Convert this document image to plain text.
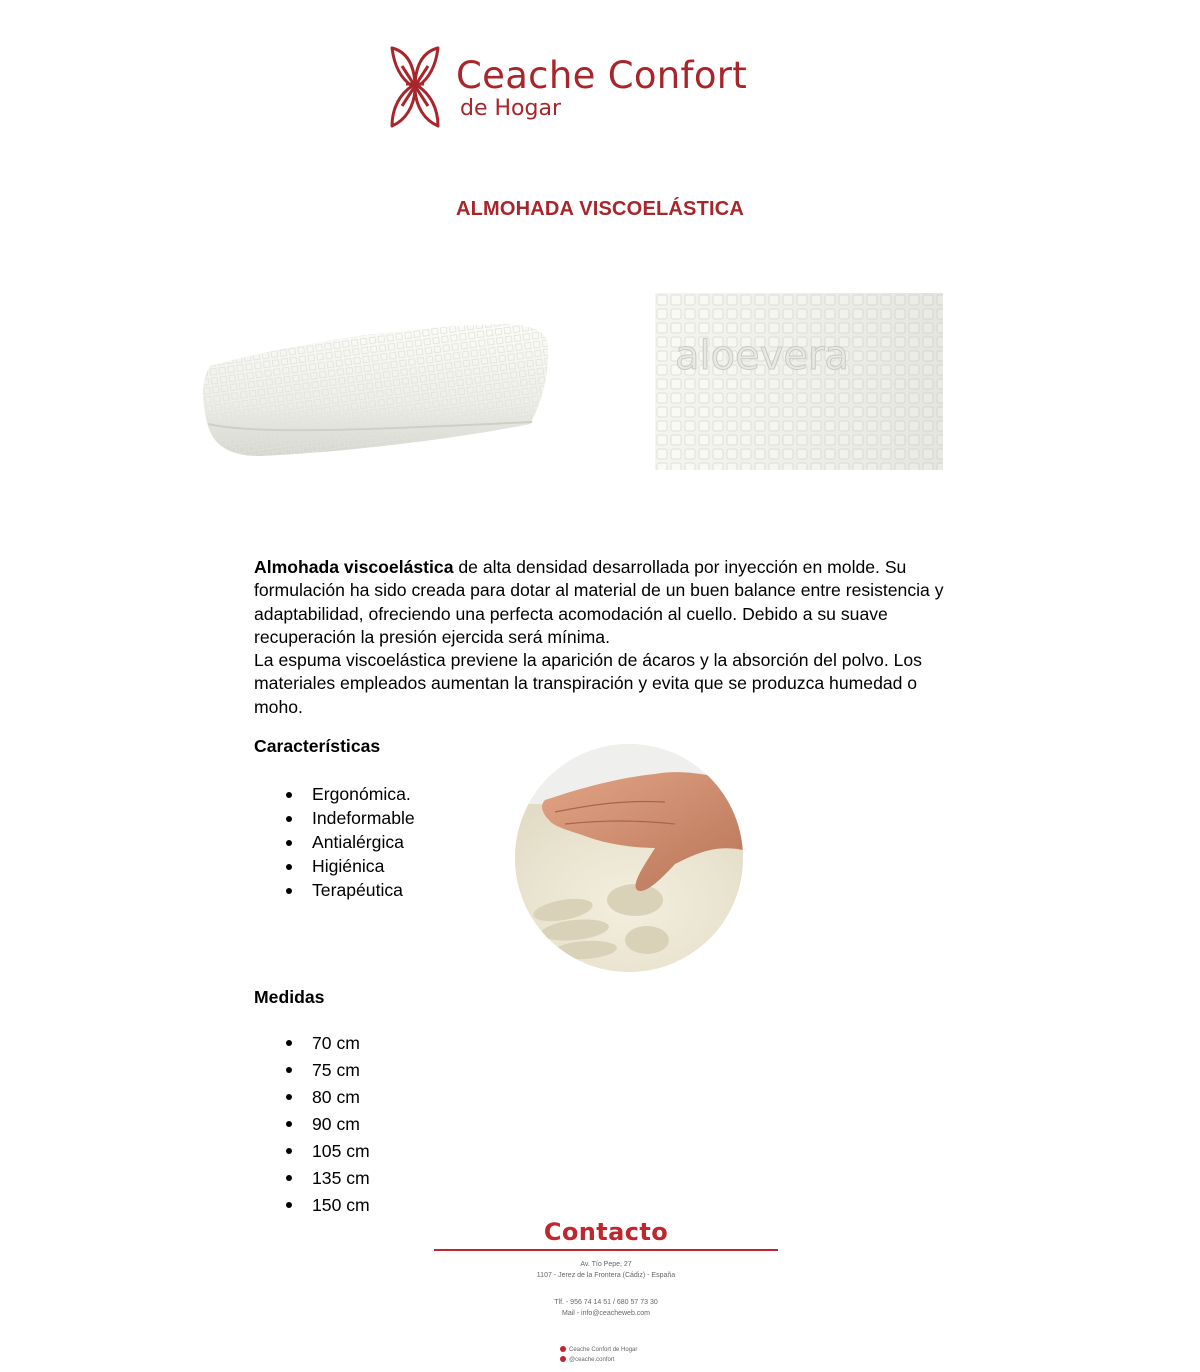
Ceache Confort
de Hogar
ALMOHADA VISCOELÁSTICA
aloevera

Almohada viscoelástica de alta densidad desarrollada por inyección en molde. Su formulación ha sido creada para dotar al material de un buen balance entre resistencia y adaptabilidad, ofreciendo una perfecta acomodación al cuello. Debido a su suave recuperación la presión ejercida será mínima.

La espuma viscoelástica previene la aparición de ácaros y la absorción del polvo. Los materiales empleados aumentan la transpiración y evita que se produzca humedad o moho.

Características
Ergonómica.
Indeformable
Antialérgica
Higiénica
Terapéutica
Medidas
70 cm
75 cm
80 cm
90 cm
105 cm
135 cm
150 cm
Contacto
Av. Tío Pepe, 27
1107 - Jerez de la Frontera (Cádiz) - España
Tlf. - 956 74 14 51 / 680 57 73 30
Mail - info@ceacheweb.com
Ceache Confort de Hogar
@ceache.confort
